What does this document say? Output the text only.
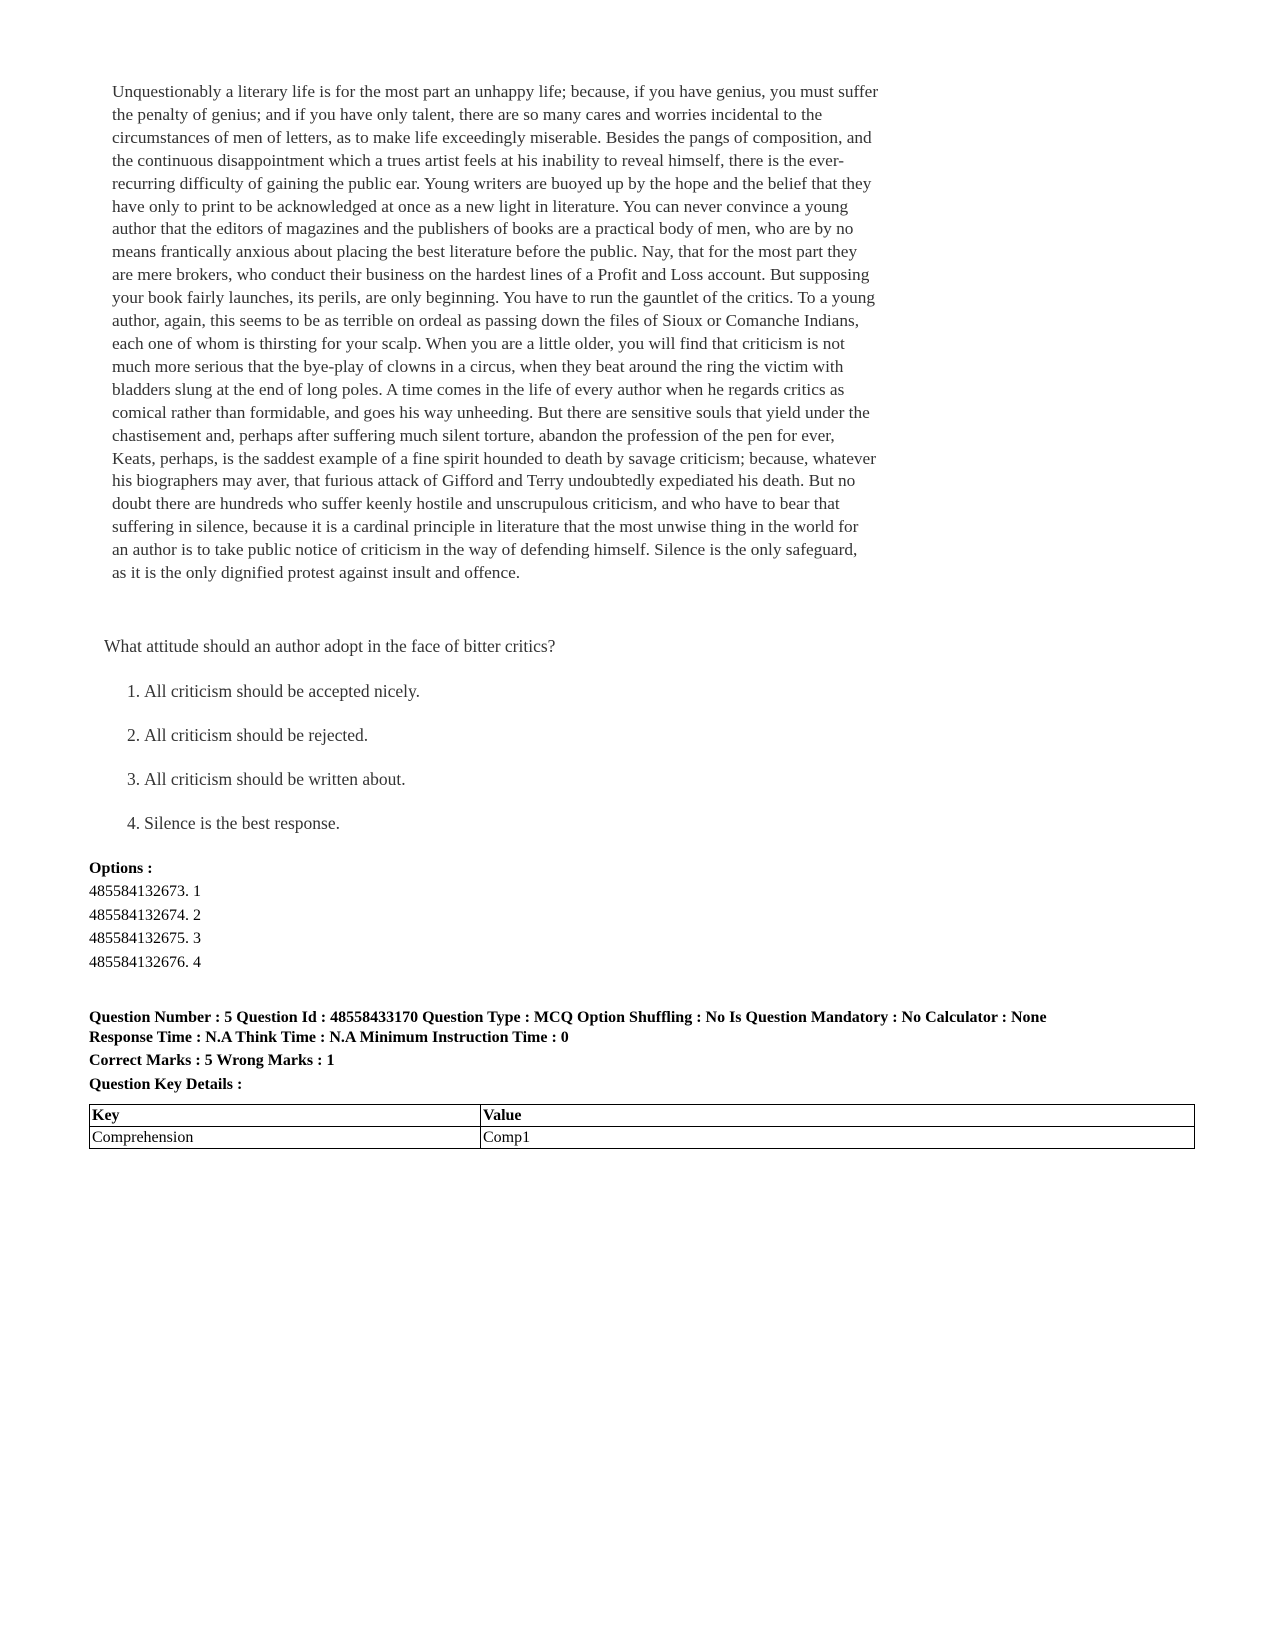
Unquestionably a literary life is for the most part an unhappy life; because, if you have genius, you must suffer
the penalty of genius; and if you have only talent, there are so many cares and worries incidental to the
circumstances of men of letters, as to make life exceedingly miserable. Besides the pangs of composition, and
the continuous disappointment which a trues artist feels at his inability to reveal himself, there is the ever-
recurring difficulty of gaining the public ear. Young writers are buoyed up by the hope and the belief that they
have only to print to be acknowledged at once as a new light in literature. You can never convince a young
author that the editors of magazines and the publishers of books are a practical body of men, who are by no
means frantically anxious about placing the best literature before the public. Nay, that for the most part they
are mere brokers, who conduct their business on the hardest lines of a Profit and Loss account. But supposing
your book fairly launches, its perils, are only beginning. You have to run the gauntlet of the critics. To a young
author, again, this seems to be as terrible on ordeal as passing down the files of Sioux or Comanche Indians,
each one of whom is thirsting for your scalp. When you are a little older, you will find that criticism is not
much more serious that the bye-play of clowns in a circus, when they beat around the ring the victim with
bladders slung at the end of long poles. A time comes in the life of every author when he regards critics as
comical rather than formidable, and goes his way unheeding. But there are sensitive souls that yield under the
chastisement and, perhaps after suffering much silent torture, abandon the profession of the pen for ever,
Keats, perhaps, is the saddest example of a fine spirit hounded to death by savage criticism; because, whatever
his biographers may aver, that furious attack of Gifford and Terry undoubtedly expediated his death. But no
doubt there are hundreds who suffer keenly hostile and unscrupulous criticism, and who have to bear that
suffering in silence, because it is a cardinal principle in literature that the most unwise thing in the world for
an author is to take public notice of criticism in the way of defending himself. Silence is the only safeguard,
as it is the only dignified protest against insult and offence.

What attitude should an author adopt in the face of bitter critics?

1. All criticism should be accepted nicely.
2. All criticism should be rejected.
3. All criticism should be written about.
4. Silence is the best response.
Options :
485584132673. 1
485584132674. 2
485584132675. 3
485584132676. 4
Question Number : 5 Question Id : 48558433170 Question Type : MCQ Option Shuffling : No Is Question Mandatory : No Calculator : None
Response Time : N.A Think Time : N.A Minimum Instruction Time : 0
Correct Marks : 5 Wrong Marks : 1
Question Key Details :
Key	Value
Comprehension	Comp1
